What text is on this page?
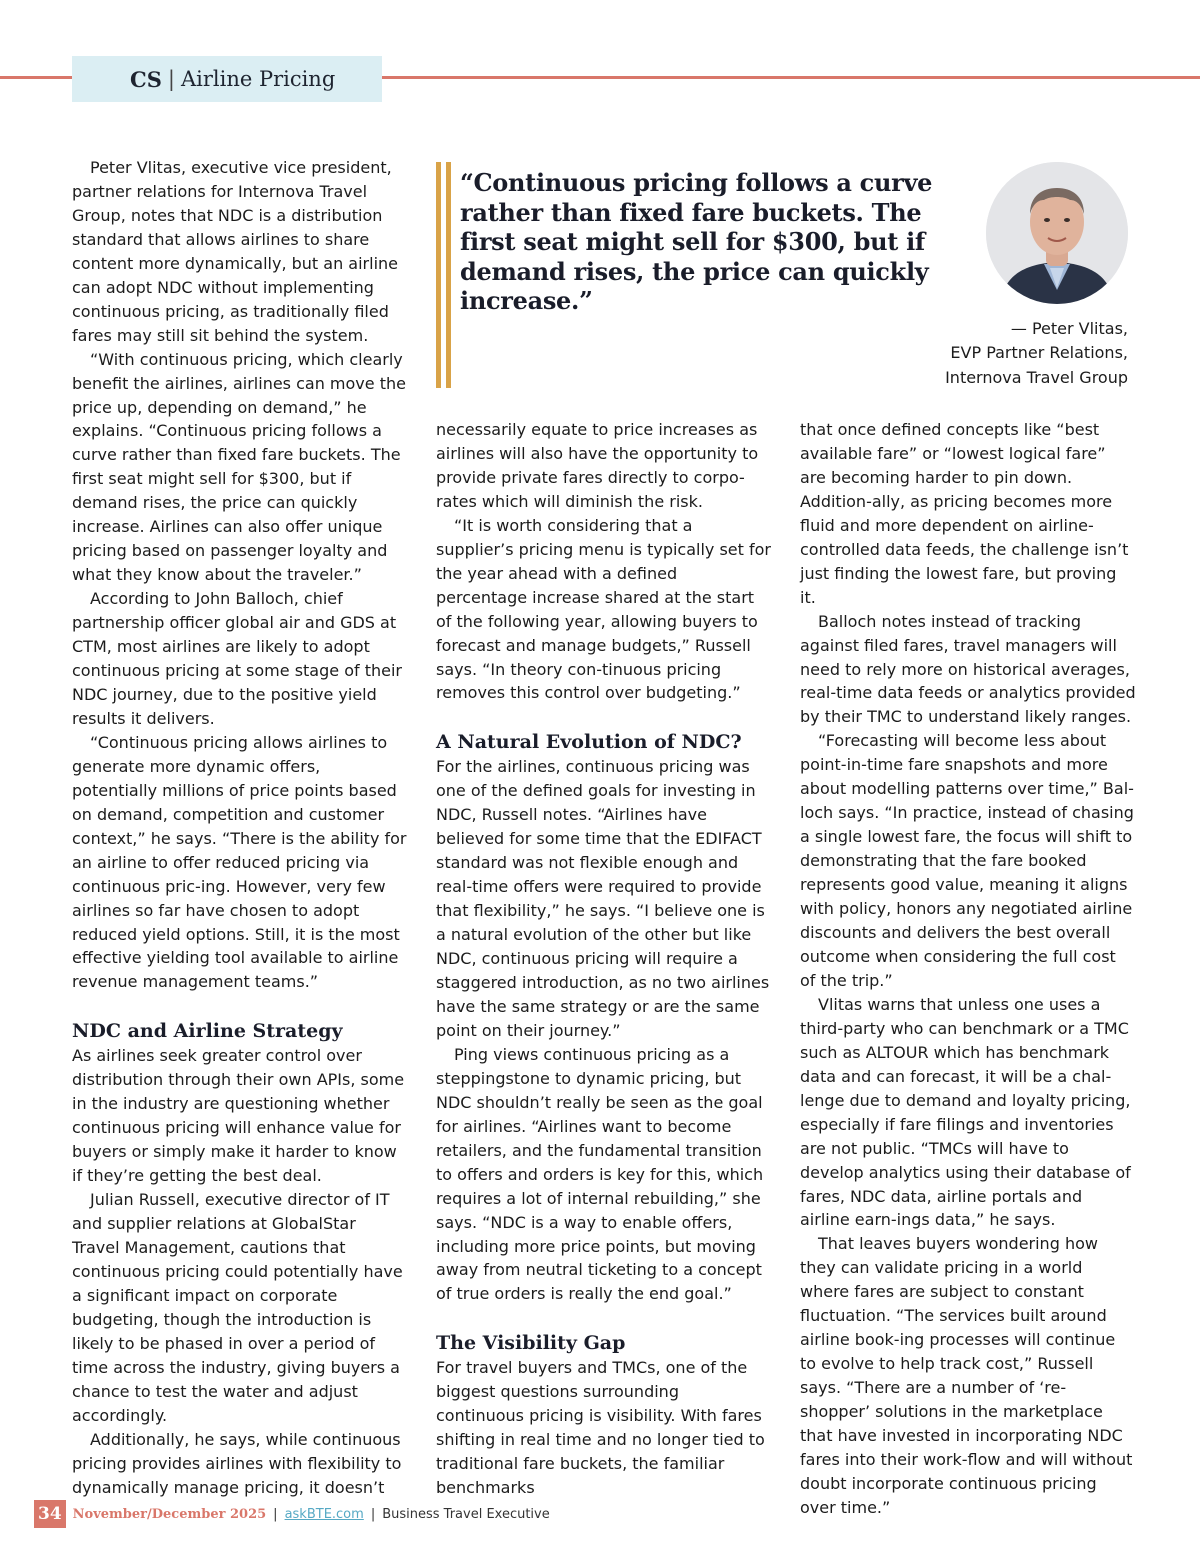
CS | Airline Pricing

Peter Vlitas, executive vice president, partner relations for Internova Travel Group, notes that NDC is a distribution standard that allows airlines to share content more dynamically, but an airline can adopt NDC without implementing continuous pricing, as traditionally filed fares may still sit behind the system.

“With continuous pricing, which clearly benefit the airlines, airlines can move the price up, depending on demand,” he explains. “Continuous pricing follows a curve rather than fixed fare buckets. The first seat might sell for $300, but if demand rises, the price can quickly increase. Airlines can also offer unique pricing based on passenger loyalty and what they know about the traveler.”

According to John Balloch, chief partnership officer global air and GDS at CTM, most airlines are likely to adopt continuous pricing at some stage of their NDC journey, due to the positive yield results it delivers.

“Continuous pricing allows airlines to generate more dynamic offers, potentially millions of price points based on demand, competition and customer context,” he says. “There is the ability for an airline to offer reduced pricing via continuous pric-ing. However, very few airlines so far have chosen to adopt reduced yield options. Still, it is the most effective yielding tool available to airline revenue management teams.”

NDC and Airline Strategy

As airlines seek greater control over distribution through their own APIs, some in the industry are questioning whether continuous pricing will enhance value for buyers or simply make it harder to know if they’re getting the best deal.

Julian Russell, executive director of IT and supplier relations at GlobalStar Travel Management, cautions that continuous pricing could potentially have a significant impact on corporate budgeting, though the introduction is likely to be phased in over a period of time across the industry, giving buyers a chance to test the water and adjust accordingly.

Additionally, he says, while continuous pricing provides airlines with flexibility to dynamically manage pricing, it doesn’t

“Continuous pricing follows a curve rather than fixed fare buckets. The first seat might sell for $300, but if demand rises, the price can quickly increase.”
— Peter Vlitas,
EVP Partner Relations,
Internova Travel Group

necessarily equate to price increases as airlines will also have the opportunity to provide private fares directly to corpo-rates which will diminish the risk.

“It is worth considering that a supplier’s pricing menu is typically set for the year ahead with a defined percentage increase shared at the start of the following year, allowing buyers to forecast and manage budgets,” Russell says. “In theory con-tinuous pricing removes this control over budgeting.”

A Natural Evolution of NDC?

For the airlines, continuous pricing was one of the defined goals for investing in NDC, Russell notes. “Airlines have believed for some time that the EDIFACT standard was not flexible enough and real-time offers were required to provide that flexibility,” he says. “I believe one is a natural evolution of the other but like NDC, continuous pricing will require a staggered introduction, as no two airlines have the same strategy or are the same point on their journey.”

Ping views continuous pricing as a steppingstone to dynamic pricing, but NDC shouldn’t really be seen as the goal for airlines. “Airlines want to become retailers, and the fundamental transition to offers and orders is key for this, which requires a lot of internal rebuilding,” she says. “NDC is a way to enable offers, including more price points, but moving away from neutral ticketing to a concept of true orders is really the end goal.”

The Visibility Gap

For travel buyers and TMCs, one of the biggest questions surrounding continuous pricing is visibility. With fares shifting in real time and no longer tied to traditional fare buckets, the familiar benchmarks

that once defined concepts like “best available fare” or “lowest logical fare” are becoming harder to pin down. Addition-ally, as pricing becomes more fluid and more dependent on airline-controlled data feeds, the challenge isn’t just finding the lowest fare, but proving it.

Balloch notes instead of tracking against filed fares, travel managers will need to rely more on historical averages, real-time data feeds or analytics provided by their TMC to understand likely ranges.

“Forecasting will become less about point-in-time fare snapshots and more about modelling patterns over time,” Bal-loch says. “In practice, instead of chasing a single lowest fare, the focus will shift to demonstrating that the fare booked represents good value, meaning it aligns with policy, honors any negotiated airline discounts and delivers the best overall outcome when considering the full cost of the trip.”

Vlitas warns that unless one uses a third-party who can benchmark or a TMC such as ALTOUR which has benchmark data and can forecast, it will be a chal-lenge due to demand and loyalty pricing, especially if fare filings and inventories are not public. “TMCs will have to develop analytics using their database of fares, NDC data, airline portals and airline earn-ings data,” he says.

That leaves buyers wondering how they can validate pricing in a world where fares are subject to constant fluctuation. “The services built around airline book-ing processes will continue to evolve to help track cost,” Russell says. “There are a number of ‘re-shopper’ solutions in the marketplace that have invested in incorporating NDC fares into their work-flow and will without doubt incorporate continuous pricing over time.”

34 November/December 2025 | askBTE.com | Business Travel Executive
